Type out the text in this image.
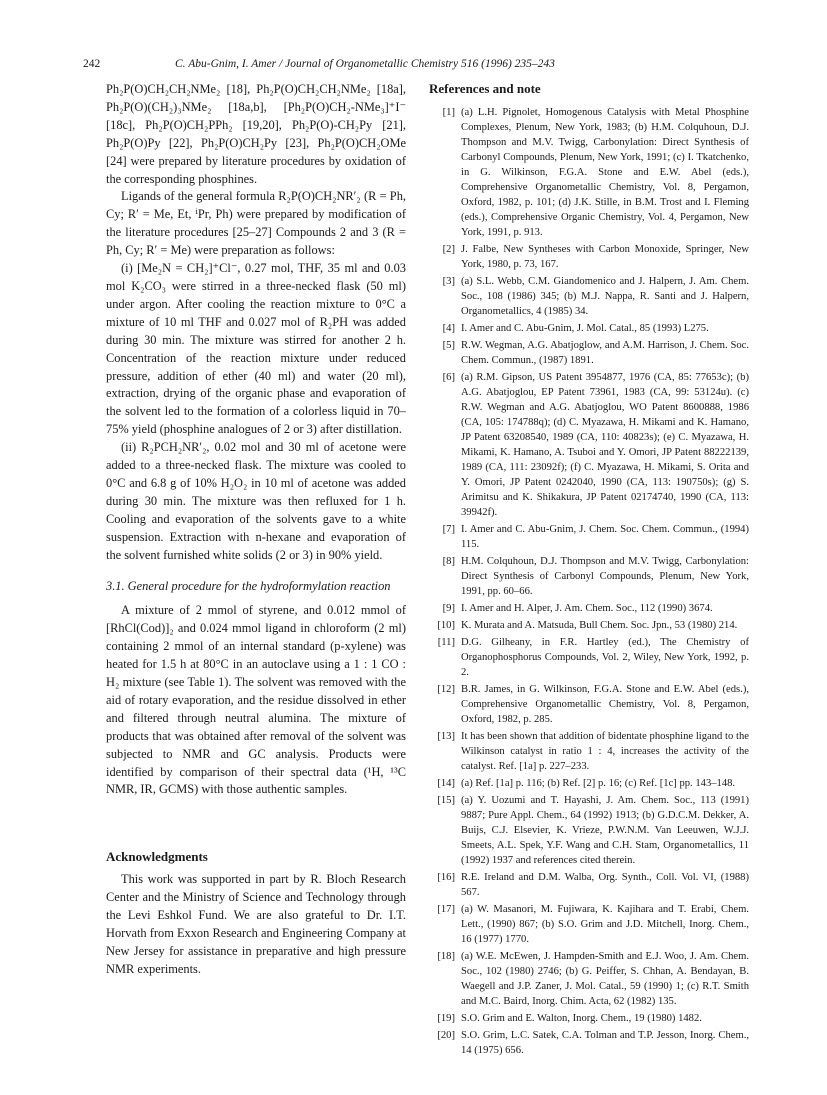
242	C. Abu-Gnim, I. Amer / Journal of Organometallic Chemistry 516 (1996) 235–243

Ph₂P(O)CH₂CH₂NMe₂ [18], Ph₂P(O)CH₂CH₂NMe₂ [18a], Ph₂P(O)(CH₂)₃NMe₂ [18a,b], [Ph₂P(O)CH₂-NMe₃]⁺I⁻ [18c], Ph₂P(O)CH₂PPh₂ [19,20], Ph₂P(O)-CH₂Py [21], Ph₂P(O)Py [22], Ph₂P(O)CH₂Py [23], Ph₂P(O)CH₂OMe [24] were prepared by literature procedures by oxidation of the corresponding phosphines.

Ligands of the general formula R₂P(O)CH₂NR′₂ (R = Ph, Cy; R′ = Me, Et, ⁱPr, Ph) were prepared by modification of the literature procedures [25–27] Compounds 2 and 3 (R = Ph, Cy; R′ = Me) were preparation as follows:

(i) [Me₂N = CH₂]⁺Cl⁻, 0.27 mol, THF, 35 ml and 0.03 mol K₂CO₃ were stirred in a three-necked flask (50 ml) under argon. After cooling the reaction mixture to 0°C a mixture of 10 ml THF and 0.027 mol of R₂PH was added during 30 min. The mixture was stirred for another 2 h. Concentration of the reaction mixture under reduced pressure, addition of ether (40 ml) and water (20 ml), extraction, drying of the organic phase and evaporation of the solvent led to the formation of a colorless liquid in 70–75% yield (phosphine analogues of 2 or 3) after distillation.

(ii) R₂PCH₂NR′₂, 0.02 mol and 30 ml of acetone were added to a three-necked flask. The mixture was cooled to 0°C and 6.8 g of 10% H₂O₂ in 10 ml of acetone was added during 30 min. The mixture was then refluxed for 1 h. Cooling and evaporation of the solvents gave to a white suspension. Extraction with n-hexane and evaporation of the solvent furnished white solids (2 or 3) in 90% yield.

3.1. General procedure for the hydroformylation reaction

A mixture of 2 mmol of styrene, and 0.012 mmol of [RhCl(Cod)]₂ and 0.024 mmol ligand in chloroform (2 ml) containing 2 mmol of an internal standard (p-xylene) was heated for 1.5 h at 80°C in an autoclave using a 1 : 1 CO : H₂ mixture (see Table 1). The solvent was removed with the aid of rotary evaporation, and the residue dissolved in ether and filtered through neutral alumina. The mixture of products that was obtained after removal of the solvent was subjected to NMR and GC analysis. Products were identified by comparison of their spectral data (¹H, ¹³C NMR, IR, GCMS) with those authentic samples.

Acknowledgments

This work was supported in part by R. Bloch Research Center and the Ministry of Science and Technology through the Levi Eshkol Fund. We are also grateful to Dr. I.T. Horvath from Exxon Research and Engineering Company at New Jersey for assistance in preparative and high pressure NMR experiments.

References and note
[1] (a) L.H. Pignolet, Homogenous Catalysis with Metal Phosphine Complexes, Plenum, New York, 1983; (b) H.M. Colquhoun, D.J. Thompson and M.V. Twigg, Carbonylation: Direct Synthesis of Carbonyl Compounds, Plenum, New York, 1991; (c) I. Tkatchenko, in G. Wilkinson, F.G.A. Stone and E.W. Abel (eds.), Comprehensive Organometallic Chemistry, Vol. 8, Pergamon, Oxford, 1982, p. 101; (d) J.K. Stille, in B.M. Trost and I. Fleming (eds.), Comprehensive Organic Chemistry, Vol. 4, Pergamon, New York, 1991, p. 913.
[2] J. Falbe, New Syntheses with Carbon Monoxide, Springer, New York, 1980, p. 73, 167.
[3] (a) S.L. Webb, C.M. Giandomenico and J. Halpern, J. Am. Chem. Soc., 108 (1986) 345; (b) M.J. Nappa, R. Santi and J. Halpern, Organometallics, 4 (1985) 34.
[4] I. Amer and C. Abu-Gnim, J. Mol. Catal., 85 (1993) L275.
[5] R.W. Wegman, A.G. Abatjoglow, and A.M. Harrison, J. Chem. Soc. Chem. Commun., (1987) 1891.
[6] (a) R.M. Gipson, US Patent 3954877, 1976 (CA, 85: 77653c); (b) A.G. Abatjoglou, EP Patent 73961, 1983 (CA, 99: 53124u). (c) R.W. Wegman and A.G. Abatjoglou, WO Patent 8600888, 1986 (CA, 105: 174788q); (d) C. Myazawa, H. Mikami and K. Hamano, JP Patent 63208540, 1989 (CA, 110: 40823s); (e) C. Myazawa, H. Mikami, K. Hamano, A. Tsuboi and Y. Omori, JP Patent 88222139, 1989 (CA, 111: 23092f); (f) C. Myazawa, H. Mikami, S. Orita and Y. Omori, JP Patent 0242040, 1990 (CA, 113: 190750s); (g) S. Arimitsu and K. Shikakura, JP Patent 02174740, 1990 (CA, 113: 39942f).
[7] I. Amer and C. Abu-Gnim, J. Chem. Soc. Chem. Commun., (1994) 115.
[8] H.M. Colquhoun, D.J. Thompson and M.V. Twigg, Carbonylation: Direct Synthesis of Carbonyl Compounds, Plenum, New York, 1991, pp. 60–66.
[9] I. Amer and H. Alper, J. Am. Chem. Soc., 112 (1990) 3674.
[10] K. Murata and A. Matsuda, Bull Chem. Soc. Jpn., 53 (1980) 214.
[11] D.G. Gilheany, in F.R. Hartley (ed.), The Chemistry of Organophosphorus Compounds, Vol. 2, Wiley, New York, 1992, p. 2.
[12] B.R. James, in G. Wilkinson, F.G.A. Stone and E.W. Abel (eds.), Comprehensive Organometallic Chemistry, Vol. 8, Pergamon, Oxford, 1982, p. 285.
[13] It has been shown that addition of bidentate phosphine ligand to the Wilkinson catalyst in ratio 1 : 4, increases the activity of the catalyst. Ref. [1a] p. 227–233.
[14] (a) Ref. [1a] p. 116; (b) Ref. [2] p. 16; (c) Ref. [1c] pp. 143–148.
[15] (a) Y. Uozumi and T. Hayashi, J. Am. Chem. Soc., 113 (1991) 9887; Pure Appl. Chem., 64 (1992) 1913; (b) G.D.C.M. Dekker, A. Buijs, C.J. Elsevier, K. Vrieze, P.W.N.M. Van Leeuwen, W.J.J. Smeets, A.L. Spek, Y.F. Wang and C.H. Stam, Organometallics, 11 (1992) 1937 and references cited therein.
[16] R.E. Ireland and D.M. Walba, Org. Synth., Coll. Vol. VI, (1988) 567.
[17] (a) W. Masanori, M. Fujiwara, K. Kajihara and T. Erabi, Chem. Lett., (1990) 867; (b) S.O. Grim and J.D. Mitchell, Inorg. Chem., 16 (1977) 1770.
[18] (a) W.E. McEwen, J. Hampden-Smith and E.J. Woo, J. Am. Chem. Soc., 102 (1980) 2746; (b) G. Peiffer, S. Chhan, A. Bendayan, B. Waegell and J.P. Zaner, J. Mol. Catal., 59 (1990) 1; (c) R.T. Smith and M.C. Baird, Inorg. Chim. Acta, 62 (1982) 135.
[19] S.O. Grim and E. Walton, Inorg. Chem., 19 (1980) 1482.
[20] S.O. Grim, L.C. Satek, C.A. Tolman and T.P. Jesson, Inorg. Chem., 14 (1975) 656.
